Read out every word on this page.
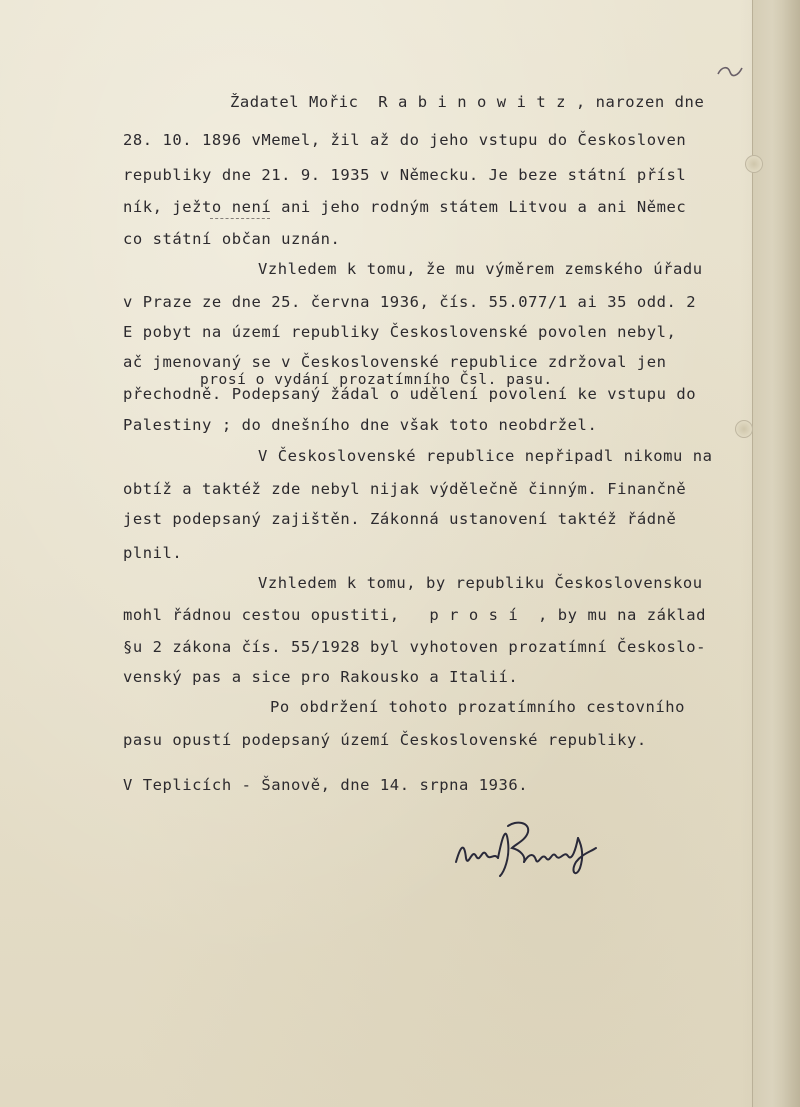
Žadatel Mořic  R a b i n o w i t z , narozen dne

28. 10. 1896 vMemel, žil až do jeho vstupu do Českosloven

republiky dne 21. 9. 1935 v Německu. Je beze státní přísl

ník, ježto není ani jeho rodným státem Litvou a ani Němec

co státní občan uznán.

Vzhledem k tomu, že mu výměrem zemského úřadu

v Praze ze dne 25. června 1936, čís. 55.077/1 ai 35 odd. 2

E pobyt na území republiky Československé povolen nebyl,

ač jmenovaný se v Československé republice zdržoval jen

prosí o vydání prozatímního Čsl. pasu.

přechodně. Podepsaný žádal o udělení povolení ke vstupu do

Palestiny ; do dnešního dne však toto neobdržel.

V Československé republice nepřipadl nikomu na

obtíž a taktéž zde nebyl nijak výdělečně činným. Finančně

jest podepsaný zajištěn. Zákonná ustanovení taktéž řádně

plnil.

Vzhledem k tomu, by republiku Československou

mohl řádnou cestou opustiti,   p r o s í  , by mu na základ

§u 2 zákona čís. 55/1928 byl vyhotoven prozatímní Českoslo-

venský pas a sice pro Rakousko a Italií.

Po obdržení tohoto prozatímního cestovního

pasu opustí podepsaný území Československé republiky.

V Teplicích - Šanově, dne 14. srpna 1936.
